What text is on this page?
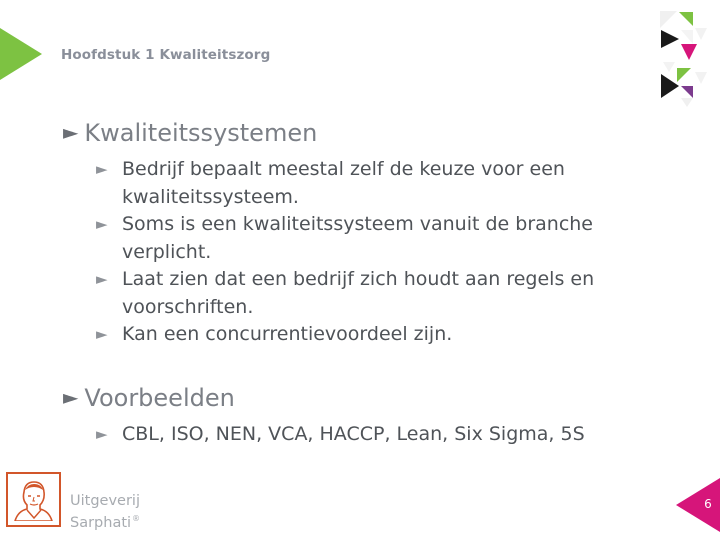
Hoofdstuk 1 Kwaliteitszorg
► Kwaliteitssystemen
► Bedrijf bepaalt meestal zelf de keuze voor een kwaliteitssysteem.
► Soms is een kwaliteitssysteem vanuit de branche verplicht.
► Laat zien dat een bedrijf zich houdt aan regels en voorschriften.
► Kan een concurrentievoordeel zijn.
► Voorbeelden
► CBL, ISO, NEN, VCA, HACCP, Lean, Six Sigma, 5S
Uitgeverij
Sarphati®
6
